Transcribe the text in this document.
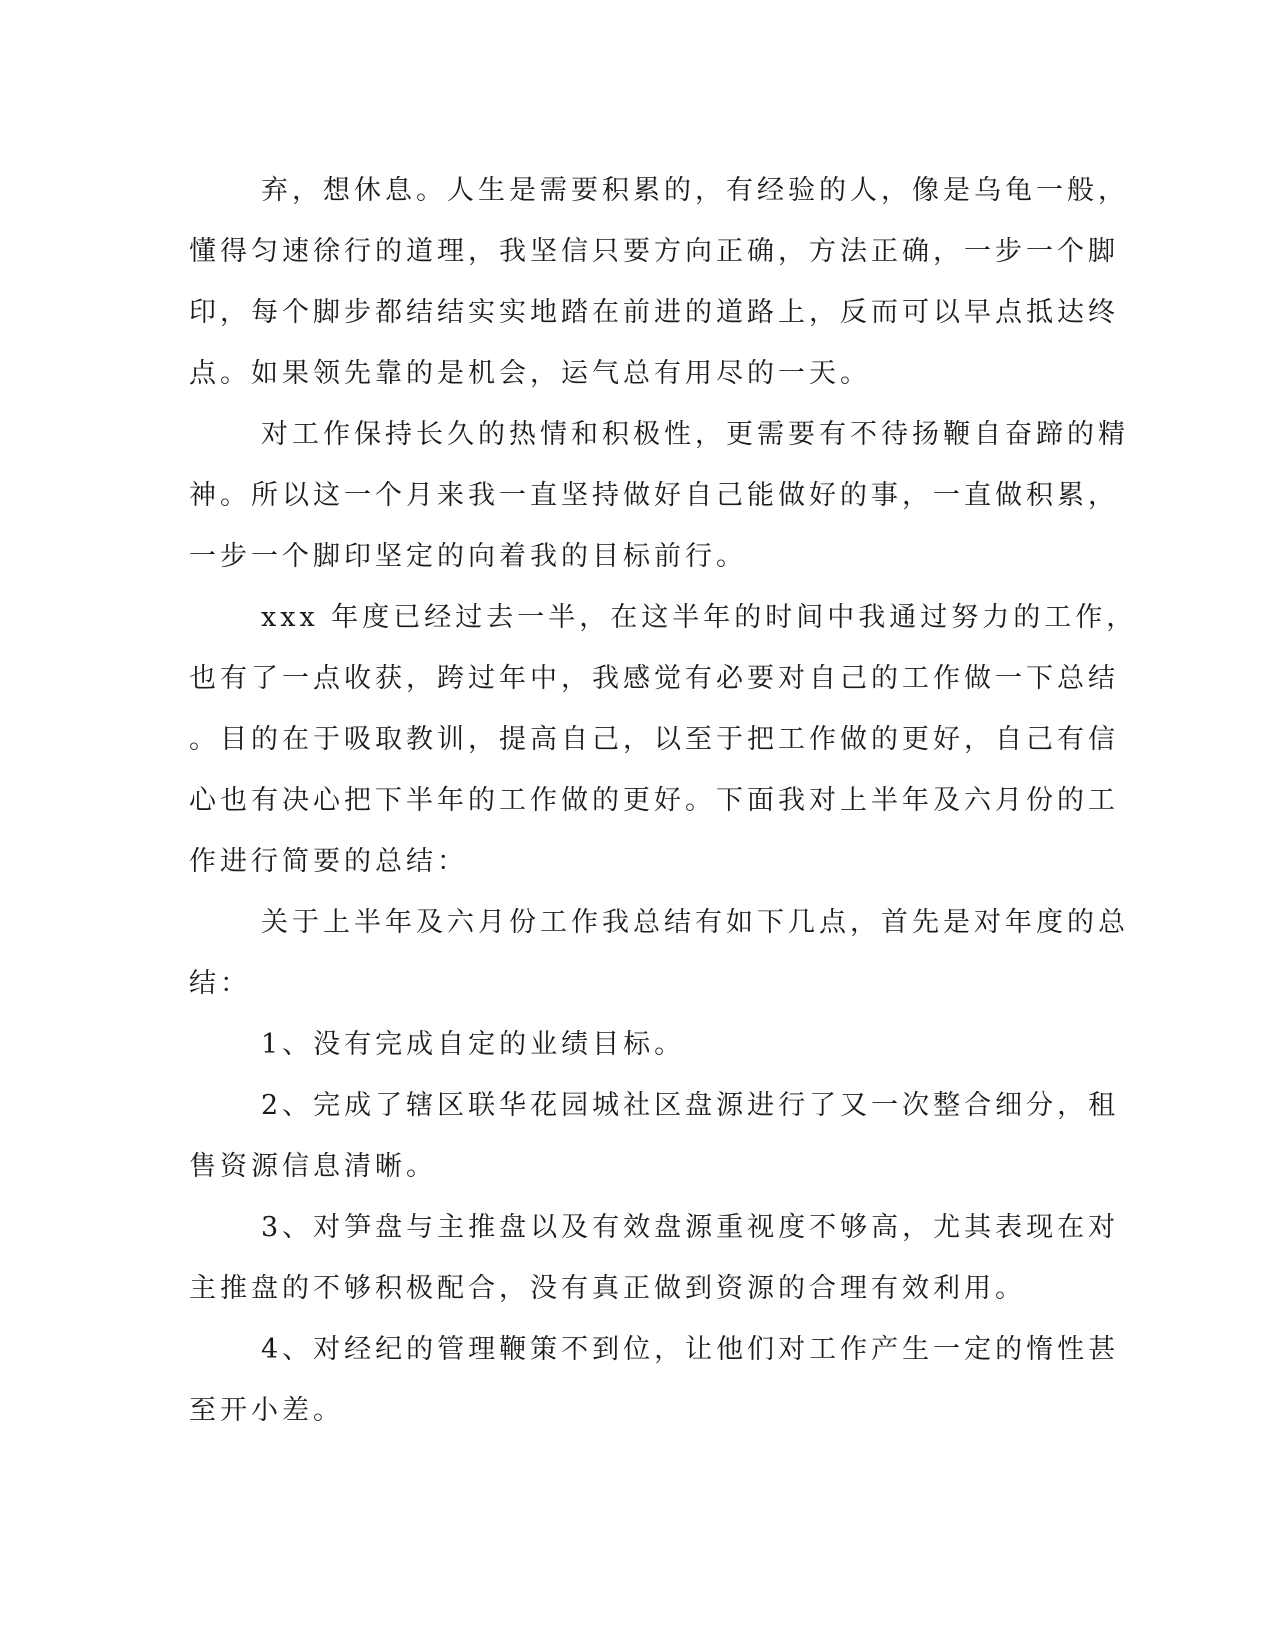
弃，想休息。人生是需要积累的，有经验的人，像是乌龟一般，
懂得匀速徐行的道理，我坚信只要方向正确，方法正确，一步一个脚
印，每个脚步都结结实实地踏在前进的道路上，反而可以早点抵达终
点。如果领先靠的是机会，运气总有用尽的一天。
对工作保持长久的热情和积极性，更需要有不待扬鞭自奋蹄的精
神。所以这一个月来我一直坚持做好自己能做好的事，一直做积累，
一步一个脚印坚定的向着我的目标前行。
xxx 年度已经过去一半，在这半年的时间中我通过努力的工作，
也有了一点收获，跨过年中，我感觉有必要对自己的工作做一下总结
。目的在于吸取教训，提高自己，以至于把工作做的更好，自己有信
心也有决心把下半年的工作做的更好。下面我对上半年及六月份的工
作进行简要的总结：
关于上半年及六月份工作我总结有如下几点，首先是对年度的总
结：
1、没有完成自定的业绩目标。
2、完成了辖区联华花园城社区盘源进行了又一次整合细分，租
售资源信息清晰。
3、对笋盘与主推盘以及有效盘源重视度不够高，尤其表现在对
主推盘的不够积极配合，没有真正做到资源的合理有效利用。
4、对经纪的管理鞭策不到位，让他们对工作产生一定的惰性甚
至开小差。
